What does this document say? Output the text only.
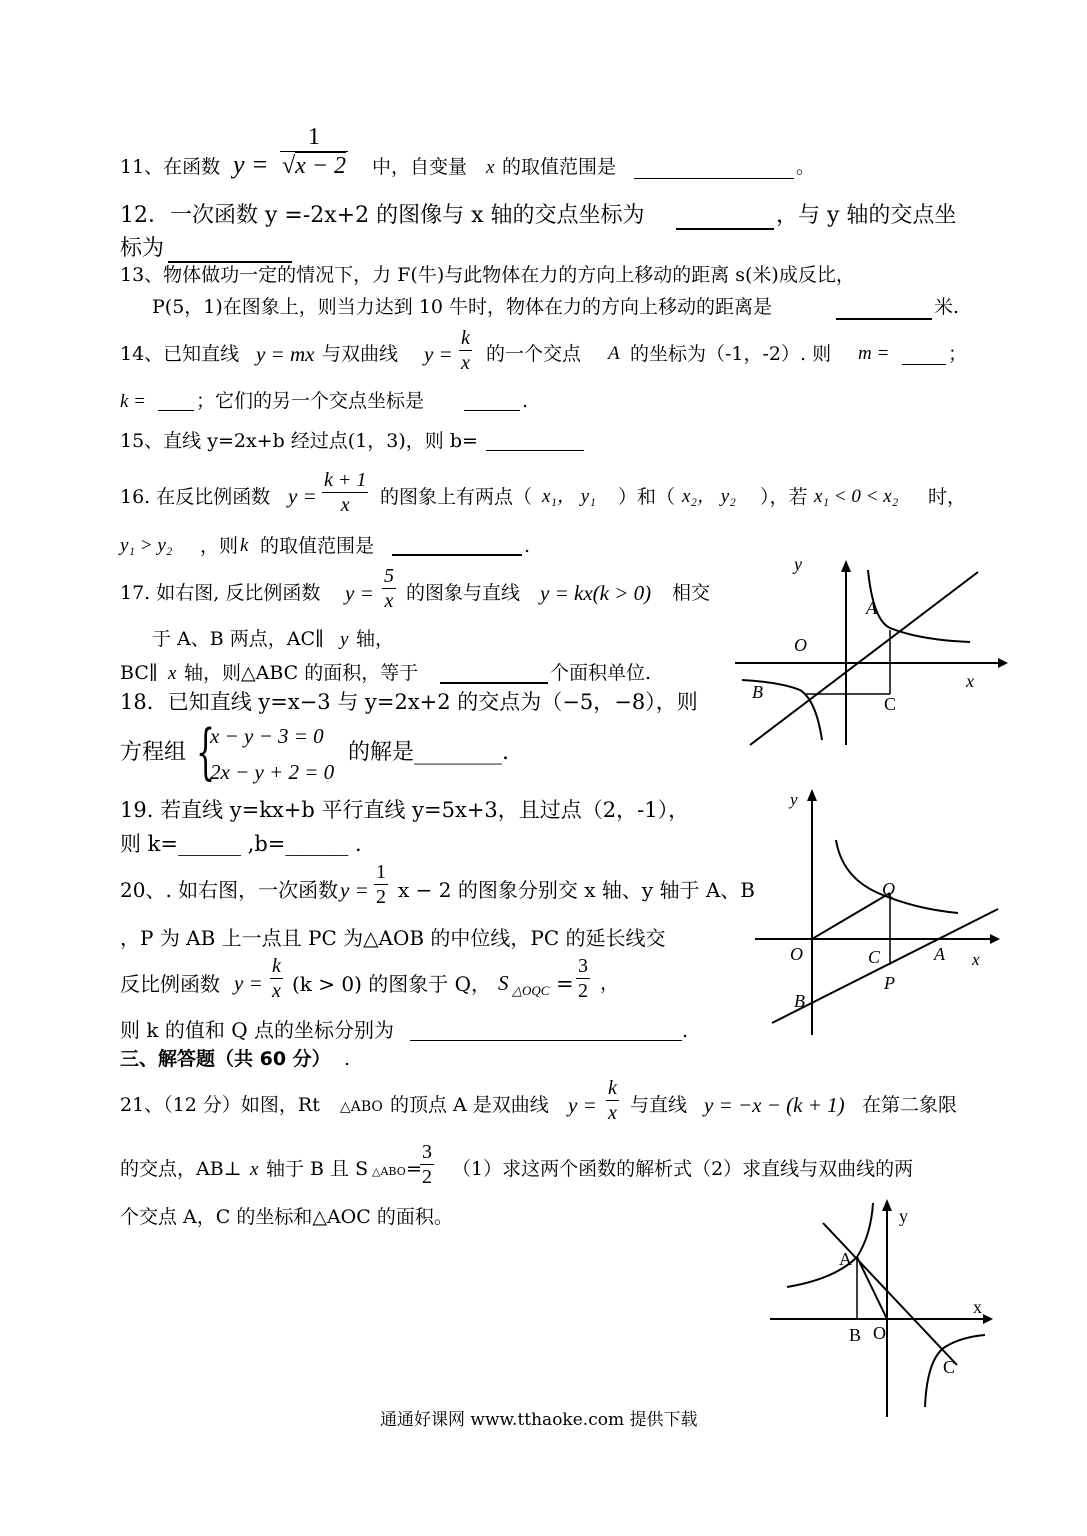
11、在函数 y =
1
√x − 2 中，自变量 x 的取值范围是	。
12．一次函数 y =-2x+2 的图像与 x 轴的交点坐标为	，与 y 轴的交点坐
标为
13、物体做功一定的情况下，力 F(牛)与此物体在力的方向上移动的距离 s(米)成反比，
P(5，1)在图象上，则当力达到 10 牛时，物体在力的方向上移动的距离是	米.
14、已知直线 y = mx 与双曲线 y =
k
x 的一个交点 A 的坐标为（-1，-2）. 则 m =	；
k =	；它们的另一个交点坐标是	.
15、直线 y=2x+b 经过点(1，3)，则 b=
16. 在反比例函数 y =
k + 1
x	的图象上有两点（ x₁， y₁ ）和（ x₂， y₂ ），若 x₁ < 0 < x₂ 时，
y₁ > y₂ ，则 k 的取值范围是	.
17. 如右图, 反比例函数 y =
5
x 的图象与直线 y = kx(k > 0) 相交
于 A、B 两点，AC∥ y 轴，
BC∥ x 轴，则△ABC 的面积，等于	个面积单位.
y
x
O
A
B
C
18．已知直线 y=x−3 与 y=2x+2 的交点为（−5，−8），则
方程组 {
x − y − 3 = 0
2x − y + 2 = 0
的解是________.
19. 若直线 y=kx+b 平行直线 y=5x+3，且过点（2，-1），
则 k=______ ,b=______ .
20、. 如右图，一次函数 y =
1
2 x − 2 的图象分别交 x 轴、y 轴于 A、B
，P 为 AB 上一点且 PC 为△AOB 的中位线，PC 的延长线交
反比例函数 y =
k
x (k > 0) 的图象于 Q， S △OQC =
3
2 ，
则 k 的值和 Q 点的坐标分别为	.
y
x
O
Q
C	A
P
B
三、解答题（共 60 分） .
21、（12 分）如图，Rt △ABO 的顶点 A 是双曲线 y =
k
x 与直线 y = −x − (k + 1) 在第二象限
的交点，AB⊥ x 轴于 B 且 S △ABO =
3
2 （1）求这两个函数的解析式（2）求直线与双曲线的两
个交点 A，C 的坐标和△AOC 的面积。	y
x
O
A
B
C
通通好课网 www.tthaoke.com 提供下载
